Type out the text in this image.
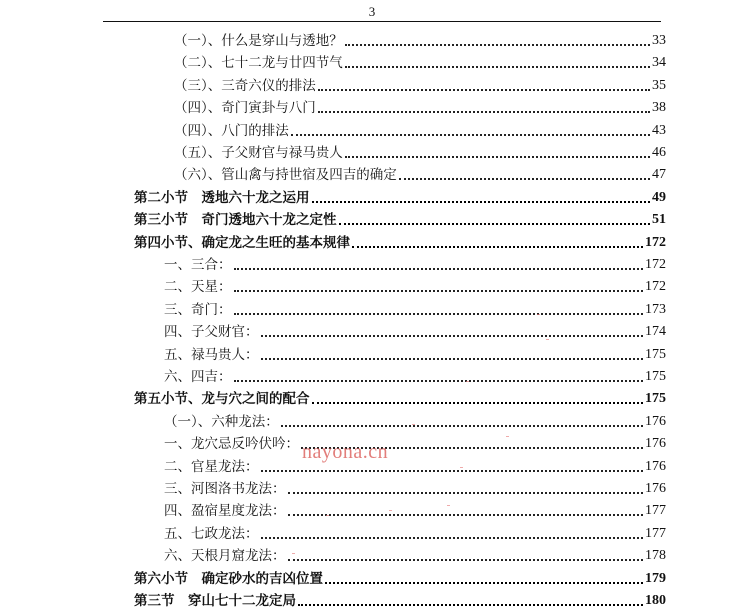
3
（一）、什么是穿山与透地？	33
（二）、七十二龙与廿四节气	34
（三）、三奇六仪的排法	35
（四）、奇门寅卦与八门	38
（四）、八门的排法	43
（五）、子父财官与禄马贵人	46
（六）、管山禽与持世宿及四吉的确定	47
第二小节　透地六十龙之运用	49
第三小节　奇门透地六十龙之定性	51
第四小节、确定龙之生旺的基本规律	172
一、三合：	172
二、天星：	172
三、奇门：	173
四、子父财官：	174
五、禄马贵人：	175
六、四吉：	175
第五小节、龙与穴之间的配合	175
（一）、六种龙法：	176
一、龙穴忌反吟伏吟：	176
二、官星龙法：	176
三、河图洛书龙法：	176
四、盈宿星度龙法：	177
五、七政龙法：	177
六、天根月窟龙法：	178
第六小节　确定砂水的吉凶位置	179
第三节　穿山七十二龙定局	180
nayona.cn
